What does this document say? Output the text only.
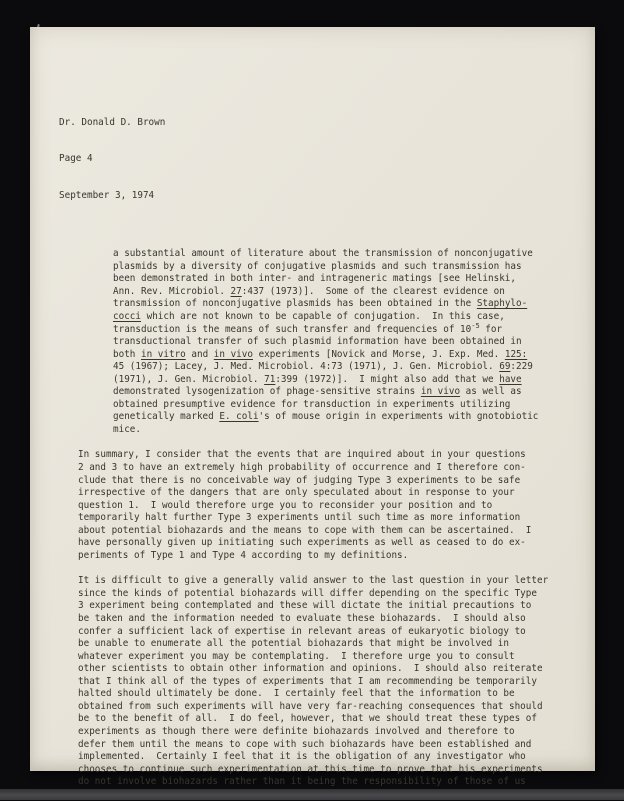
Dr. Donald D. Brown

Page 4

September 3, 1974

a substantial amount of literature about the transmission of nonconjugative
plasmids by a diversity of conjugative plasmids and such transmission has
been demonstrated in both inter- and intrageneric matings [see Helinski,
Ann. Rev. Microbiol. 27:437 (1973)].  Some of the clearest evidence on
transmission of nonconjugative plasmids has been obtained in the Staphylo-
cocci which are not known to be capable of conjugation.  In this case,
transduction is the means of such transfer and frequencies of $10^{-5}$ for
transductional transfer of such plasmid information have been obtained in
both in vitro and in vivo experiments [Novick and Morse, J. Exp. Med. 125:
45 (1967); Lacey, J. Med. Microbiol. 4:73 (1971), J. Gen. Microbiol. 69:229
(1971), J. Gen. Microbiol. 71:399 (1972)].  I might also add that we have
demonstrated lysogenization of phage-sensitive strains in vivo as well as
obtained presumptive evidence for transduction in experiments utilizing
genetically marked E. coli's of mouse origin in experiments with gnotobiotic
mice.
In summary, I consider that the events that are inquired about in your questions
2 and 3 to have an extremely high probability of occurrence and I therefore con-
clude that there is no conceivable way of judging Type 3 experiments to be safe
irrespective of the dangers that are only speculated about in response to your
question 1.  I would therefore urge you to reconsider your position and to
temporarily halt further Type 3 experiments until such time as more information
about potential biohazards and the means to cope with them can be ascertained.  I
have personally given up initiating such experiments as well as ceased to do ex-
periments of Type 1 and Type 4 according to my definitions.
It is difficult to give a generally valid answer to the last question in your letter
since the kinds of potential biohazards will differ depending on the specific Type
3 experiment being contemplated and these will dictate the initial precautions to
be taken and the information needed to evaluate these biohazards.  I should also
confer a sufficient lack of expertise in relevant areas of eukaryotic biology to
be unable to enumerate all the potential biohazards that might be involved in
whatever experiment you may be contemplating.  I therefore urge you to consult
other scientists to obtain other information and opinions.  I should also reiterate
that I think all of the types of experiments that I am recommending be temporarily
halted should ultimately be done.  I certainly feel that the information to be
obtained from such experiments will have very far-reaching consequences that should
be to the benefit of all.  I do feel, however, that we should treat these types of
experiments as though there were definite biohazards involved and therefore to
defer them until the means to cope with such biohazards have been established and
implemented.  Certainly I feel that it is the obligation of any investigator who
chooses to continue such experimentation at this time to prove that his experiments
do not involve biohazards rather than it being the responsibility of those of us
